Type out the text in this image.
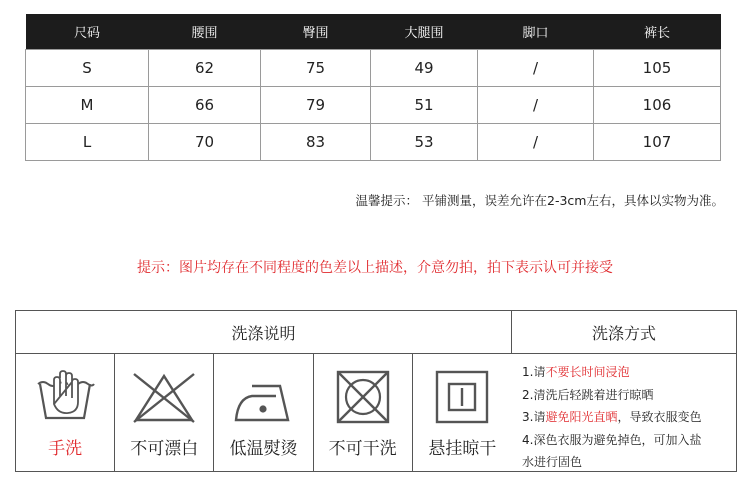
尺码	腰围	臀围	大腿围	脚口	裤长
S	62	75	49	/	105
M	66	79	51	/	106
L	70	83	53	/	107
温馨提示： 平铺测量，误差允许在2-3cm左右，具体以实物为准。
提示：图片均存在不同程度的色差以上描述，介意勿拍，拍下表示认可并接受
洗涤说明	洗涤方式
手洗	不可漂白	低温熨烫	不可干洗	悬挂晾干
1.请不要长时间浸泡
2.清洗后轻跳着进行晾晒
3.请避免阳光直晒，导致衣服变色
4.深色衣服为避免掉色，可加入盐
水进行固色
